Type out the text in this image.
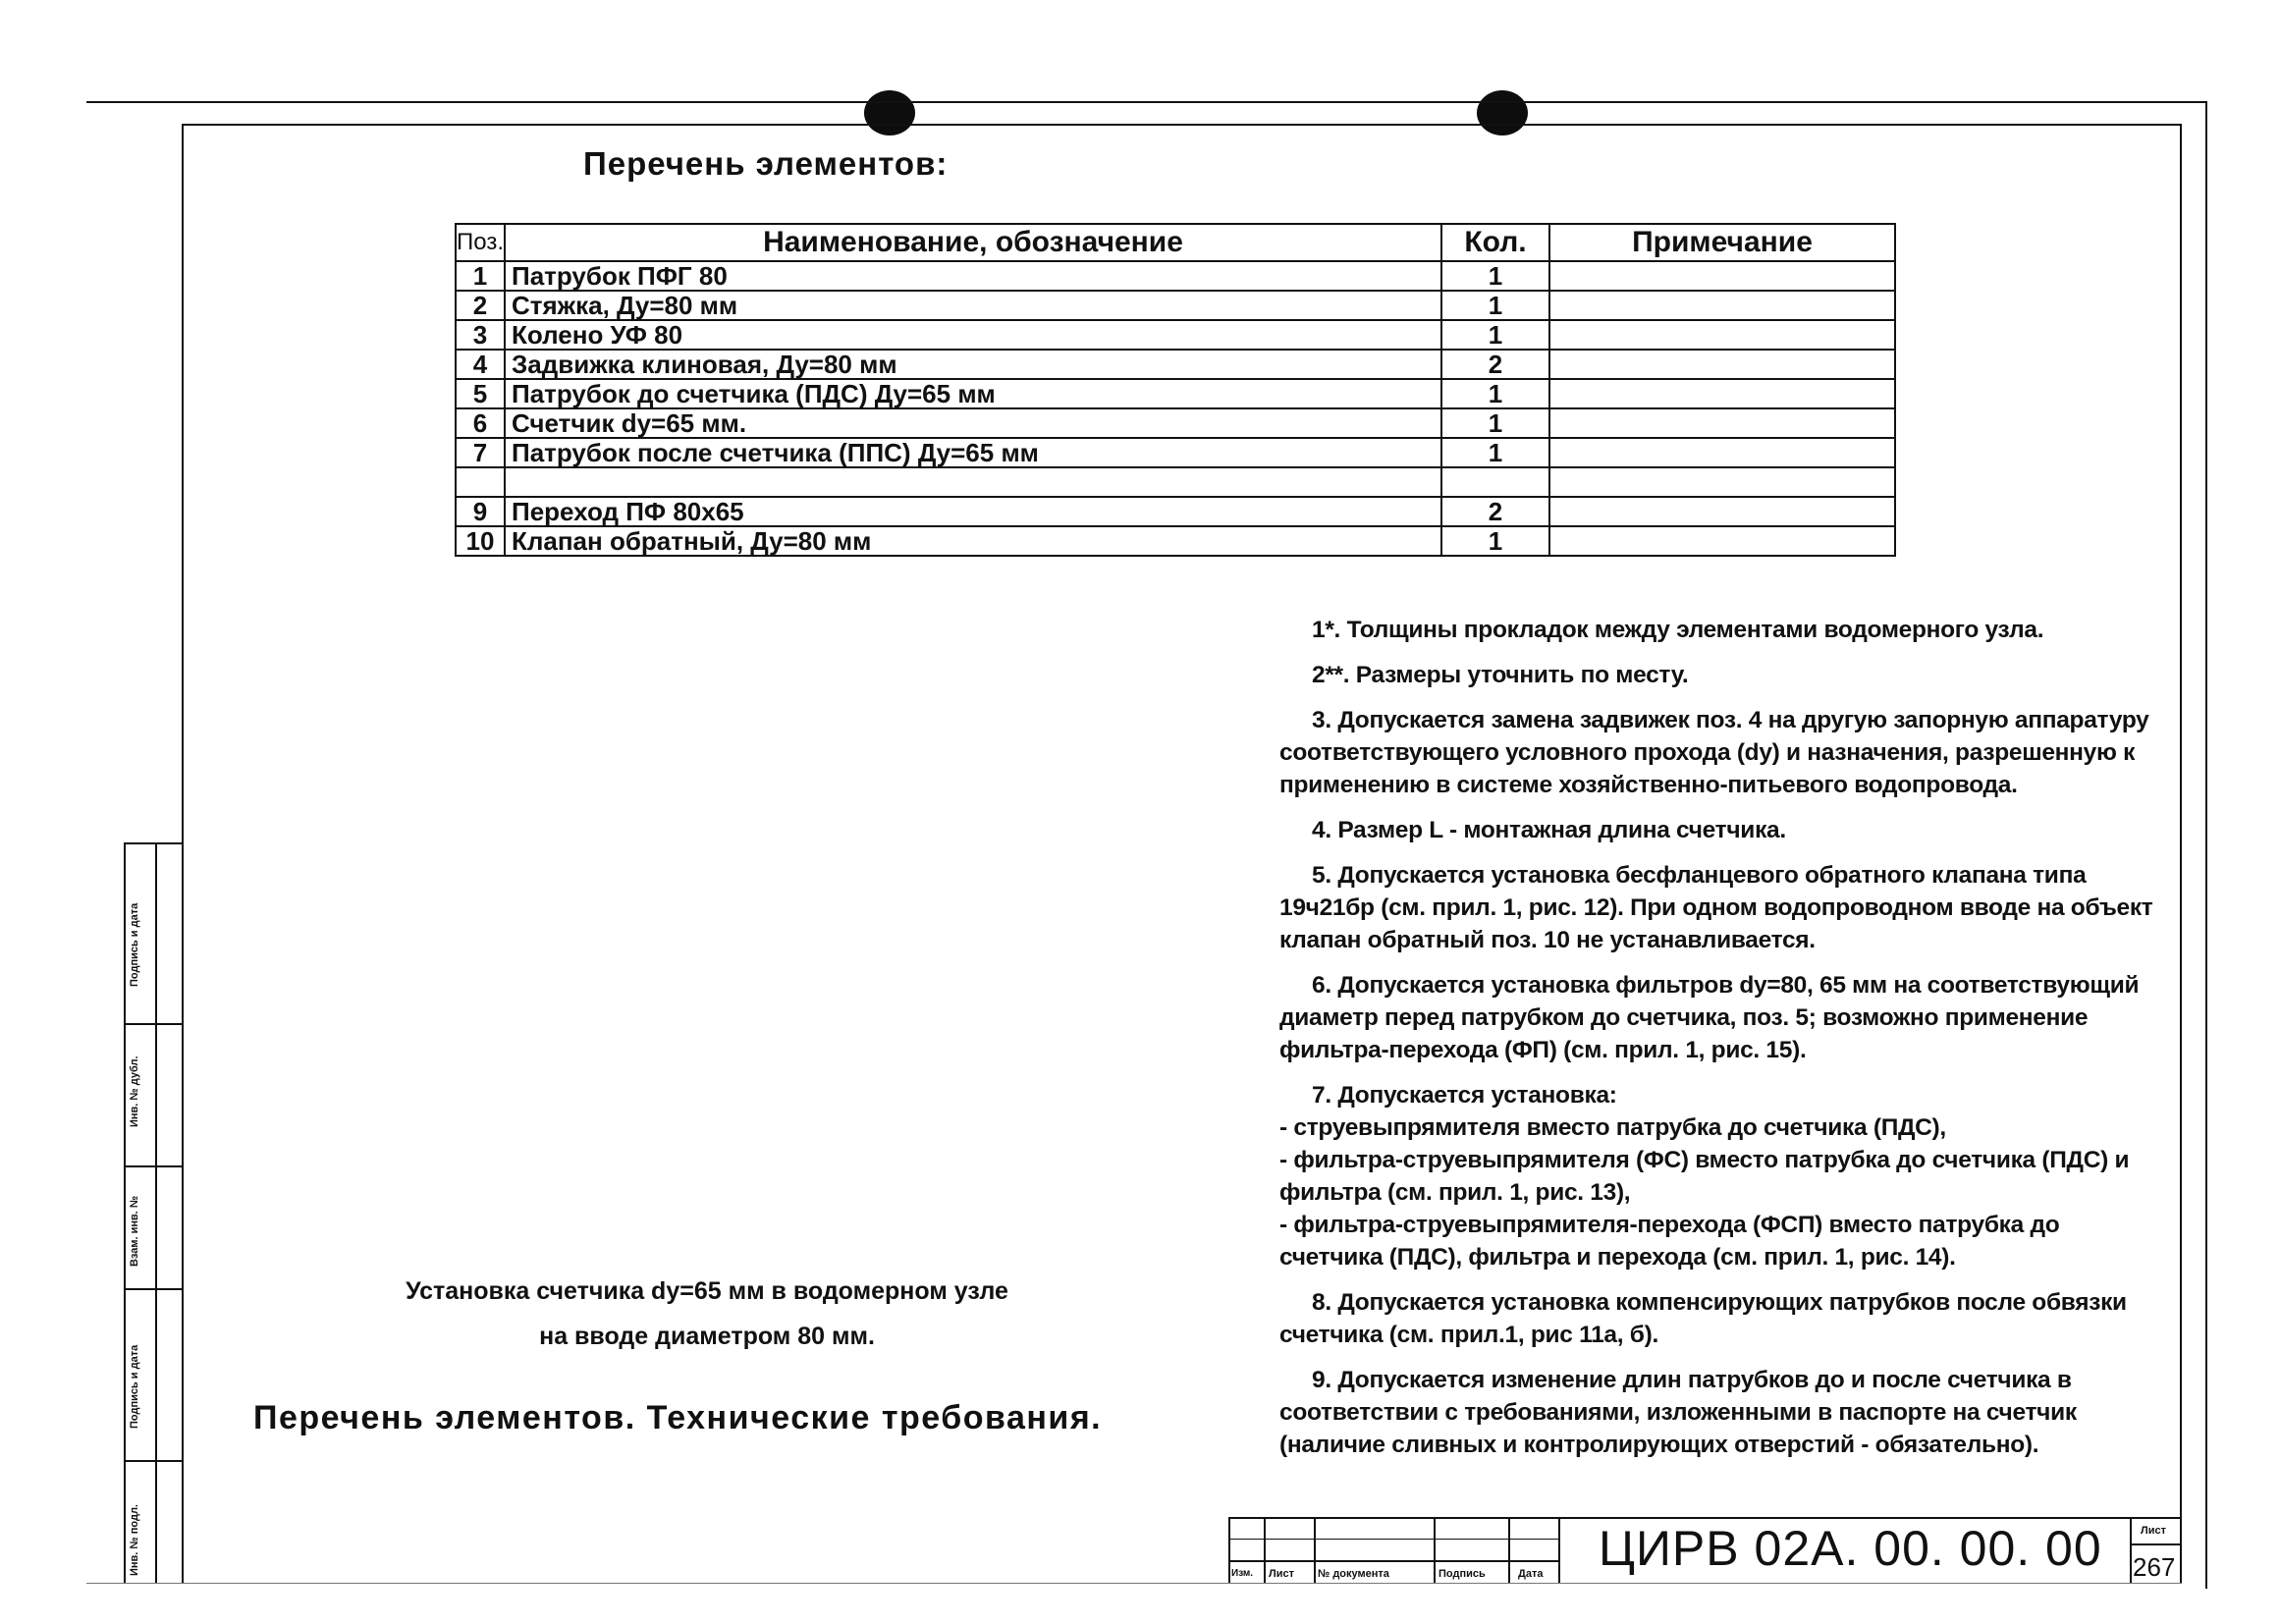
Перечень элементов:
Поз.	Наименование, обозначение	Кол.	Примечание
1	Патрубок ПФГ 80	1	
2	Стяжка, Ду=80 мм	1	
3	Колено УФ 80	1	
4	Задвижка клиновая, Ду=80 мм	2	
5	Патрубок до счетчика (ПДС) Ду=65 мм	1	
6	Счетчик dy=65 мм.	1	
7	Патрубок после счетчика (ППС) Ду=65 мм	1	

9	Переход ПФ 80х65	2	
10	Клапан обратный, Ду=80 мм	1	

1*. Толщины прокладок между элементами водомерного узла.

2**. Размеры уточнить по месту.

3. Допускается замена задвижек поз. 4 на другую запорную аппаратуру соответствующего условного прохода (dy) и назначения, разрешенную к применению в системе хозяйственно-питьевого водопровода.

4. Размер L - монтажная длина счетчика.

5. Допускается установка бесфланцевого обратного клапана типа 19ч21бр (см. прил. 1, рис. 12). При одном водопроводном вводе на объект клапан обратный поз. 10 не устанавливается.

6. Допускается установка фильтров dy=80, 65 мм на соответствующий диаметр перед патрубком до счетчика, поз. 5; возможно применение фильтра-перехода (ФП) (см. прил. 1, рис. 15).

7. Допускается установка:

- струевыпрямителя вместо патрубка до счетчика (ПДС),

- фильтра-струевыпрямителя (ФС) вместо патрубка до счетчика (ПДС) и фильтра (см. прил. 1, рис. 13),

- фильтра-струевыпрямителя-перехода (ФСП) вместо патрубка до счетчика (ПДС), фильтра и перехода (см. прил. 1, рис. 14).

8. Допускается установка компенсирующих патрубков после обвязки счетчика (см. прил.1, рис 11а, б).

9. Допускается изменение длин патрубков до и после счетчика в соответствии с требованиями, изложенными в паспорте на счетчик (наличие сливных и контролирующих отверстий - обязательно).

Установка счетчика dy=65 мм в водомерном узле
на вводе диаметром 80 мм.
Перечень элементов. Технические требования.
Подпись и дата
Инв. № дубл.
Взам. инв. №
Подпись и дата
Инв. № подл.	Изм. Лист № документа	Подпись	Дата ЦИРВ 02А. 00. 00. 00	Лист
267
